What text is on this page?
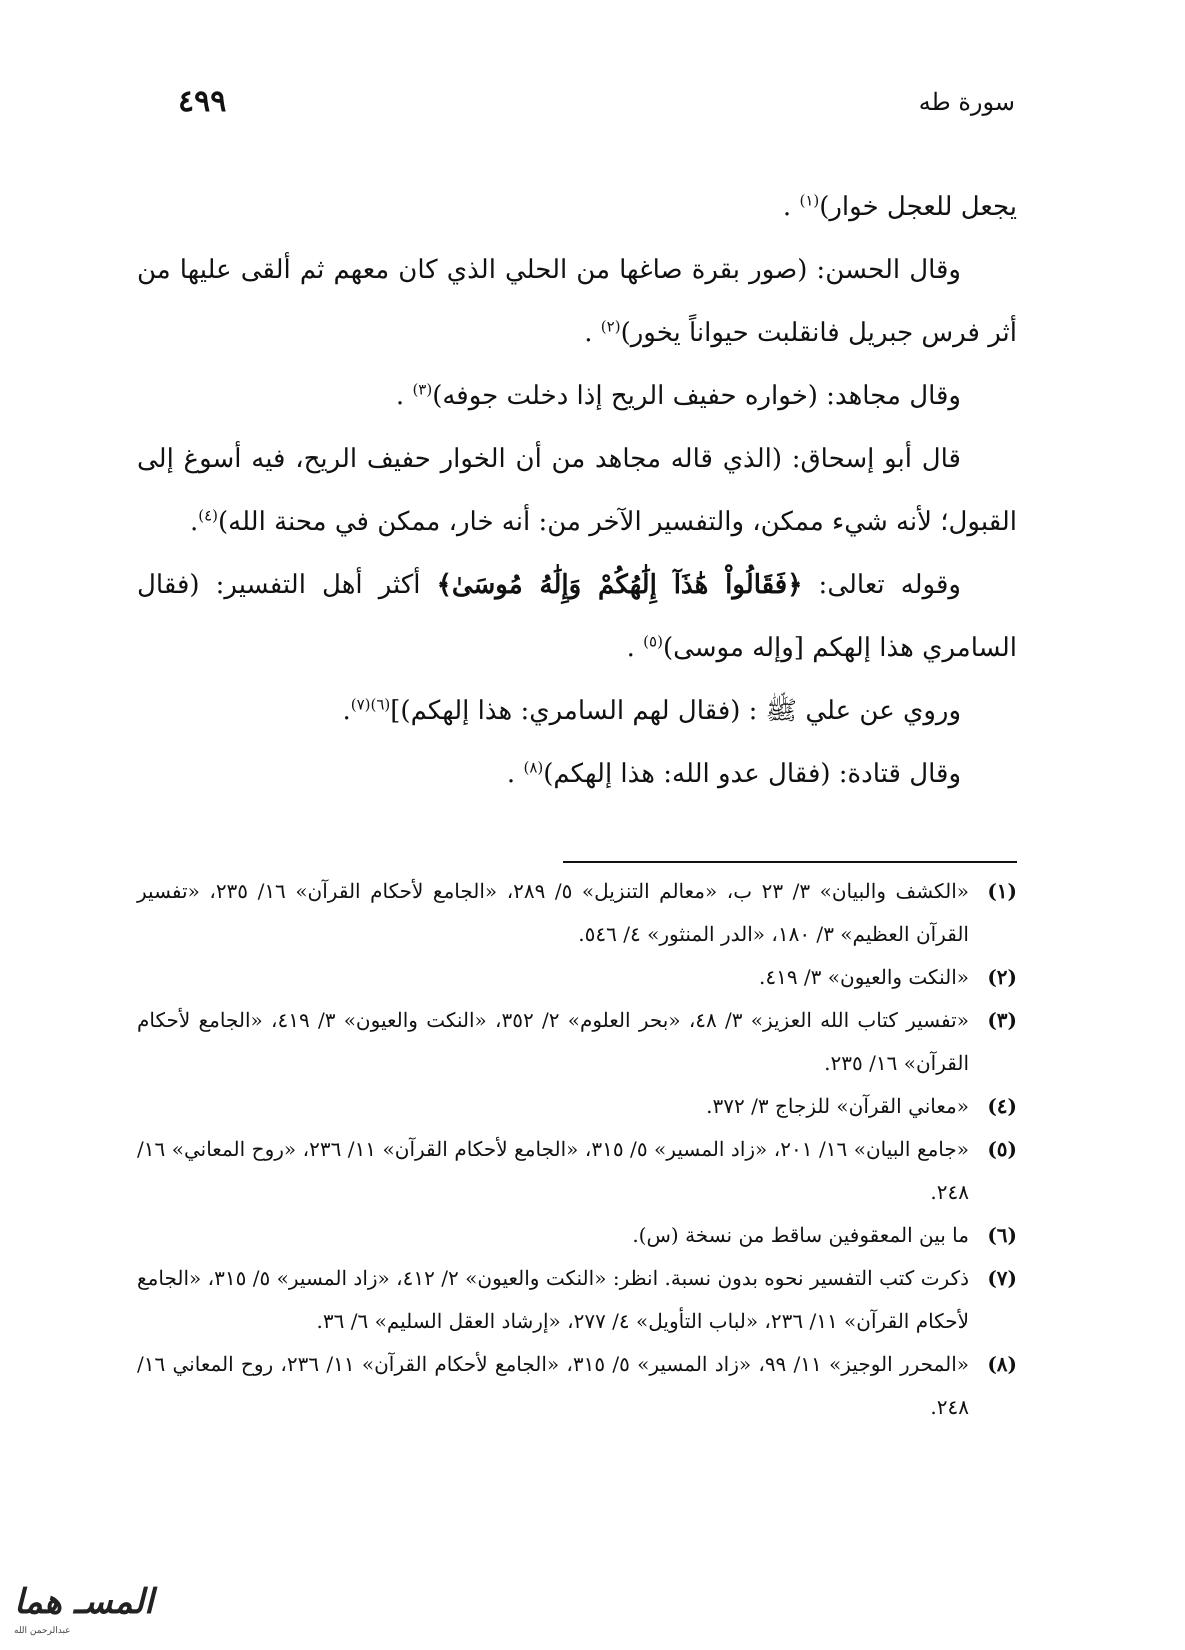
سورة طه
٤٩٩

يجعل للعجل خوار)$^{(١)}$ .

وقال الحسن: (صور بقرة صاغها من الحلي الذي كان معهم ثم ألقى عليها من أثر فرس جبريل فانقلبت حيواناً يخور)$^{(٢)}$ .

وقال مجاهد: (خواره حفيف الريح إذا دخلت جوفه)$^{(٣)}$ .

قال أبو إسحاق: (الذي قاله مجاهد من أن الخوار حفيف الريح، فيه أسوغ إلى القبول؛ لأنه شيء ممكن، والتفسير الآخر من: أنه خار، ممكن في محنة الله)$^{(٤)}$.

وقوله تعالى: ﴿فَقَالُواْ هَٰذَآ إِلَٰهُكُمْ وَإِلَٰهُ مُوسَىٰ﴾ أكثر أهل التفسير: (فقال السامري هذا إلهكم [وإله موسى)$^{(٥)}$ .

وروي عن علي ﷺ : (فقال لهم السامري: هذا إلهكم)]$^{(٦)(٧)}$.

وقال قتادة: (فقال عدو الله: هذا إلهكم)$^{(٨)}$ .

(١)
«الكشف والبيان» ٣/ ٢٣ ب، «معالم التنزيل» ٥/ ٢٨٩، «الجامع لأحكام القرآن» ١٦/ ٢٣٥، «تفسير القرآن العظيم» ٣/ ١٨٠، «الدر المنثور» ٤/ ٥٤٦.
(٢)
«النكت والعيون» ٣/ ٤١٩.
(٣)
«تفسير كتاب الله العزيز» ٣/ ٤٨، «بحر العلوم» ٢/ ٣٥٢، «النكت والعيون» ٣/ ٤١٩، «الجامع لأحكام القرآن» ١٦/ ٢٣٥.
(٤)
«معاني القرآن» للزجاج ٣/ ٣٧٢.
(٥)
«جامع البيان» ١٦/ ٢٠١، «زاد المسير» ٥/ ٣١٥، «الجامع لأحكام القرآن» ١١/ ٢٣٦، «روح المعاني» ١٦/ ٢٤٨.
(٦)
ما بين المعقوفين ساقط من نسخة (س).
(٧)
ذكرت كتب التفسير نحوه بدون نسبة. انظر: «النكت والعيون» ٢/ ٤١٢، «زاد المسير» ٥/ ٣١٥، «الجامع لأحكام القرآن» ١١/ ٢٣٦، «لباب التأويل» ٤/ ٢٧٧، «إرشاد العقل السليم» ٦/ ٣٦.
(٨)
«المحرر الوجيز» ١١/ ٩٩، «زاد المسير» ٥/ ٣١٥، «الجامع لأحكام القرآن» ١١/ ٢٣٦، روح المعاني ١٦/ ٢٤٨.
المسـ هما
عبدالرحمن الله
